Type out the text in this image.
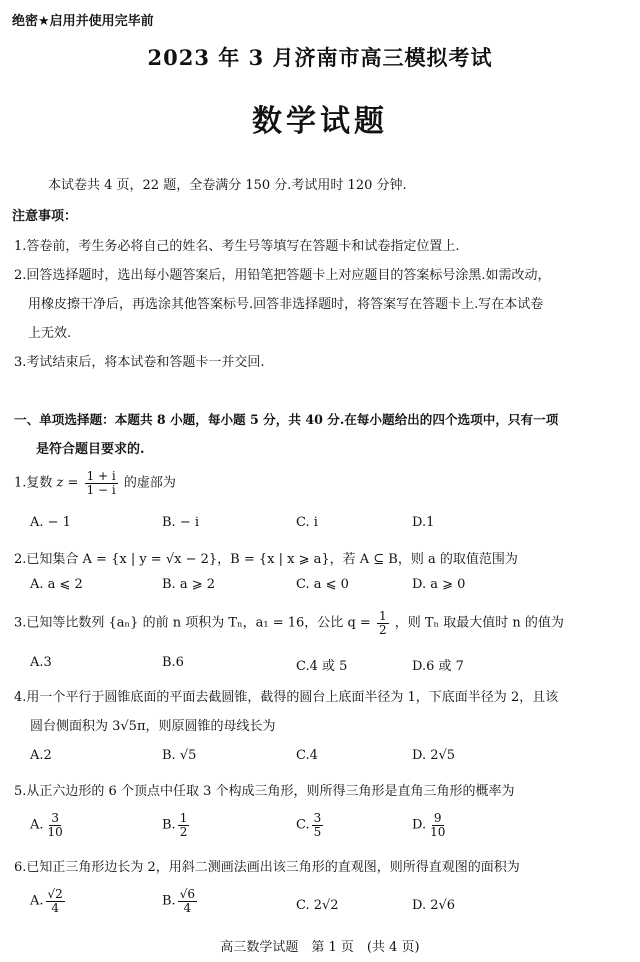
绝密★启用并使用完毕前
2023 年 3 月济南市高三模拟考试
数学试题
本试卷共 4 页，22 题，全卷满分 150 分.考试用时 120 分钟.
注意事项：
1.答卷前，考生务必将自己的姓名、考生号等填写在答题卡和试卷指定位置上.
2.回答选择题时，选出每小题答案后，用铅笔把答题卡上对应题目的答案标号涂黑.如需改动，
用橡皮擦干净后，再选涂其他答案标号.回答非选择题时，将答案写在答题卡上.写在本试卷
上无效.
3.考试结束后，将本试卷和答题卡一并交回.
一、单项选择题：本题共 8 小题，每小题 5 分，共 40 分.在每小题给出的四个选项中，只有一项
是符合题目要求的.
1.复数 $z = \frac{1 + i}{1 - i}$ 的虚部为
A. − 1	B. − i	C. i	D.1
2.已知集合 A = {x | y = √x − 2}，B = {x | x ⩾ a}，若 A ⊆ B，则 a 的取值范围为
A. a ⩽ 2	B. a ⩾ 2	C. a ⩽ 0	D. a ⩾ 0
3.已知等比数列 {aₙ} 的前 n 项积为 Tₙ，a₁ = 16，公比 $q = \frac{1}{2}$ ，则 Tₙ 取最大值时 n 的值为
A.3	B.6	C.4 或 5	D.6 或 7
4.用一个平行于圆锥底面的平面去截圆锥，截得的圆台上底面半径为 1，下底面半径为 2，且该
圆台侧面积为 3√5π，则原圆锥的母线长为
A.2	B. √5	C.4	D. 2√5
5.从正六边形的 6 个顶点中任取 3 个构成三角形，则所得三角形是直角三角形的概率为
A. $\frac{3}{10}$	B. $\frac{1}{2}$	C. $\frac{3}{5}$	D. $\frac{9}{10}$
6.已知正三角形边长为 2，用斜二测画法画出该三角形的直观图，则所得直观图的面积为
A. $\frac{√2}{4}$	B. $\frac{√6}{4}$	C. 2√2	D. 2√6
高三数学试题　第 1 页　(共 4 页)
